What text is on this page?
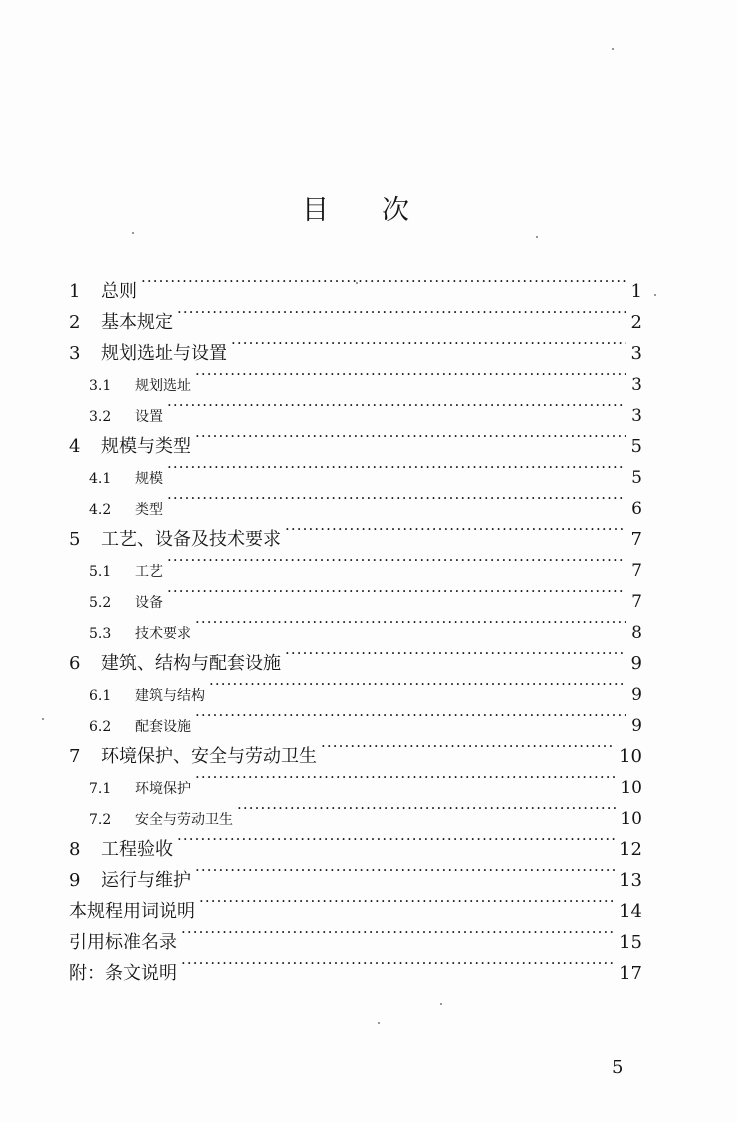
目 次
1	总则 ·····	1
2	基本规定 ·····	2
3	规划选址与设置 ·····	3
3.1	规划选址 ·····	3
3.2	设置 ·····	3
4	规模与类型 ·····	5
4.1	规模 ·····	5
4.2	类型 ·····	6
5	工艺、设备及技术要求 ·····	7
5.1	工艺 ·····	7
5.2	设备 ·····	7
5.3	技术要求 ·····	8
6	建筑、结构与配套设施 ·····	9
6.1	建筑与结构 ·····	9
6.2	配套设施 ·····	9
7	环境保护、安全与劳动卫生 ·····	10
7.1	环境保护 ·····	10
7.2	安全与劳动卫生 ·····	10
8	工程验收 ·····	12
9	运行与维护 ·····	13
本规程用词说明 ·····	14
引用标准名录 ·····	15
附：条文说明 ·····	17
5
